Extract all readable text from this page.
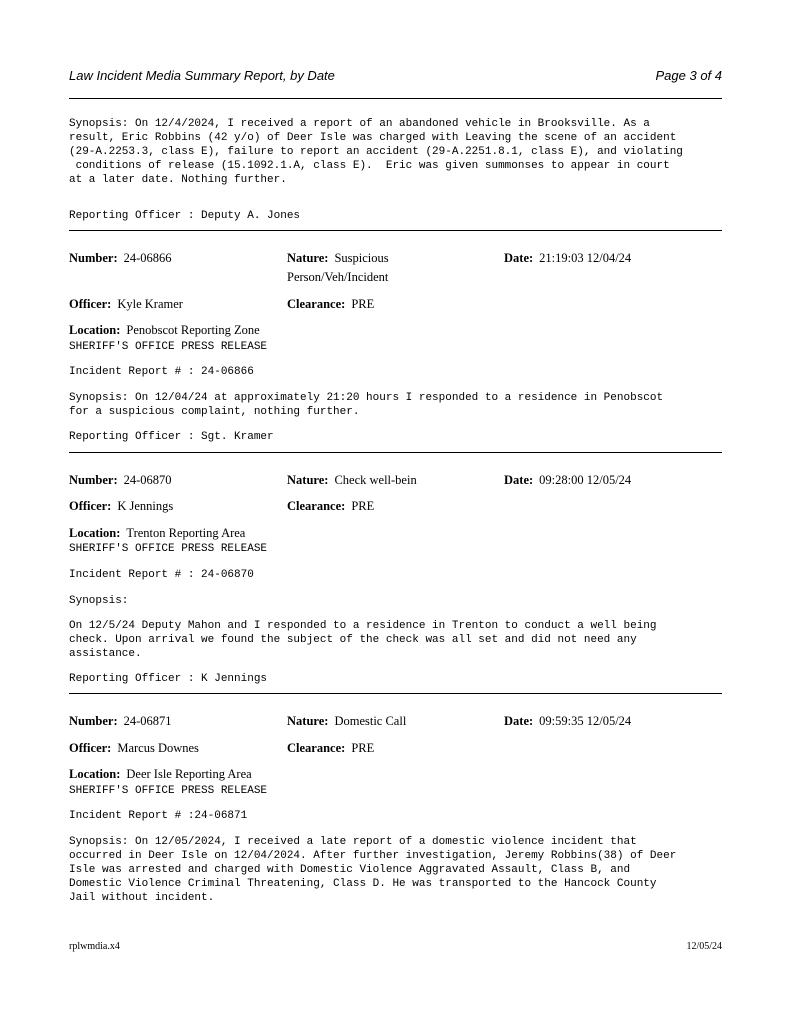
Law Incident Media Summary Report, by Date	Page 3 of 4
Synopsis: On 12/4/2024, I received a report of an abandoned vehicle in Brooksville. As a
result, Eric Robbins (42 y/o) of Deer Isle was charged with Leaving the scene of an accident
(29-A.2253.3, class E), failure to report an accident (29-A.2251.8.1, class E), and violating
conditions of release (15.1092.1.A, class E).  Eric was given summonses to appear in court
at a later date. Nothing further.
Reporting Officer : Deputy A. Jones
Number: 24-06866	Nature: Suspicious
Person/Veh/Incident
Date: 21:19:03 12/04/24
Officer: Kyle Kramer	Clearance: PRE
Location: Penobscot Reporting Zone
SHERIFF'S OFFICE PRESS RELEASE
Incident Report # : 24-06866
Synopsis: On 12/04/24 at approximately 21:20 hours I responded to a residence in Penobscot
for a suspicious complaint, nothing further.
Reporting Officer : Sgt. Kramer
Number: 24-06870	Nature: Check well-bein	Date: 09:28:00 12/05/24
Officer: K Jennings	Clearance: PRE
Location: Trenton Reporting Area
SHERIFF'S OFFICE PRESS RELEASE
Incident Report # : 24-06870
Synopsis:
On 12/5/24 Deputy Mahon and I responded to a residence in Trenton to conduct a well being
check. Upon arrival we found the subject of the check was all set and did not need any
assistance.
Reporting Officer : K Jennings
Number: 24-06871	Nature: Domestic Call	Date: 09:59:35 12/05/24
Officer: Marcus Downes	Clearance: PRE
Location: Deer Isle Reporting Area
SHERIFF'S OFFICE PRESS RELEASE
Incident Report # :24-06871
Synopsis: On 12/05/2024, I received a late report of a domestic violence incident that
occurred in Deer Isle on 12/04/2024. After further investigation, Jeremy Robbins(38) of Deer
Isle was arrested and charged with Domestic Violence Aggravated Assault, Class B, and
Domestic Violence Criminal Threatening, Class D. He was transported to the Hancock County
Jail without incident.
rplwmdia.x4	12/05/24
